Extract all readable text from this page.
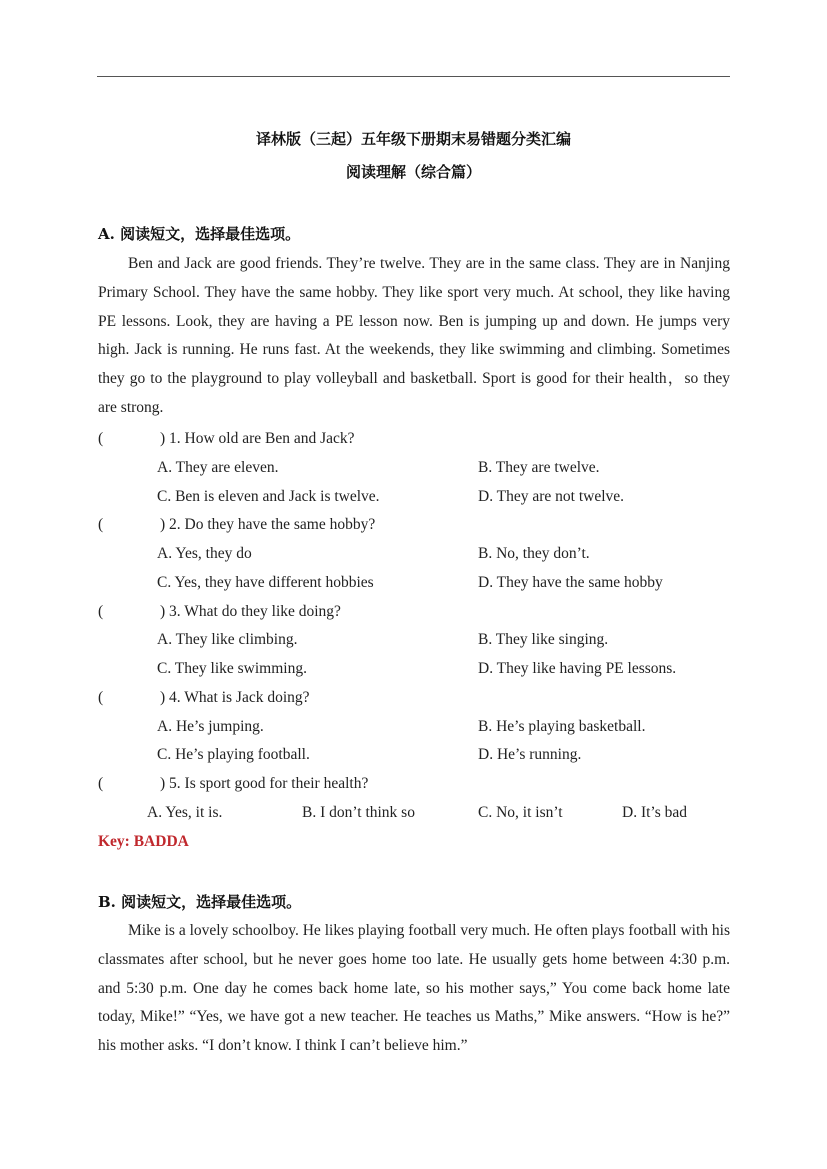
译林版（三起）五年级下册期末易错题分类汇编
阅读理解（综合篇）
A. 阅读短文，选择最佳选项。

Ben and Jack are good friends. They’re twelve. They are in the same class. They are in Nanjing Primary School. They have the same hobby. They like sport very much. At school, they like having PE lessons. Look, they are having a PE lesson now. Ben is jumping up and down. He jumps very high. Jack is running. He runs fast. At the weekends, they like swimming and climbing. Sometimes they go to the playground to play volleyball and basketball. Sport is good for their health，so they are strong.

(	) 1. How old are Ben and Jack?
A. They are eleven.	B. They are twelve.
C. Ben is eleven and Jack is twelve.	D. They are not twelve.
(	) 2. Do they have the same hobby?
A. Yes, they do	B. No, they don’t.
C. Yes, they have different hobbies	D. They have the same hobby
(	) 3. What do they like doing?
A. They like climbing.	B. They like singing.
C. They like swimming.	D. They like having PE lessons.
(	) 4. What is Jack doing?
A. He’s jumping.	B. He’s playing basketball.
C. He’s playing football.	D. He’s running.
(	) 5. Is sport good for their health?
A. Yes, it is.	B. I don’t think so	C. No, it isn’t	D. It’s bad
Key: BADDA
B. 阅读短文，选择最佳选项。

Mike is a lovely schoolboy. He likes playing football very much. He often plays football with his classmates after school, but he never goes home too late. He usually gets home between 4:30 p.m. and 5:30 p.m. One day he comes back home late, so his mother says,” You come back home late today, Mike!” “Yes, we have got a new teacher. He teaches us Maths,” Mike answers. “How is he?” his mother asks. “I don’t know. I think I can’t believe him.”
